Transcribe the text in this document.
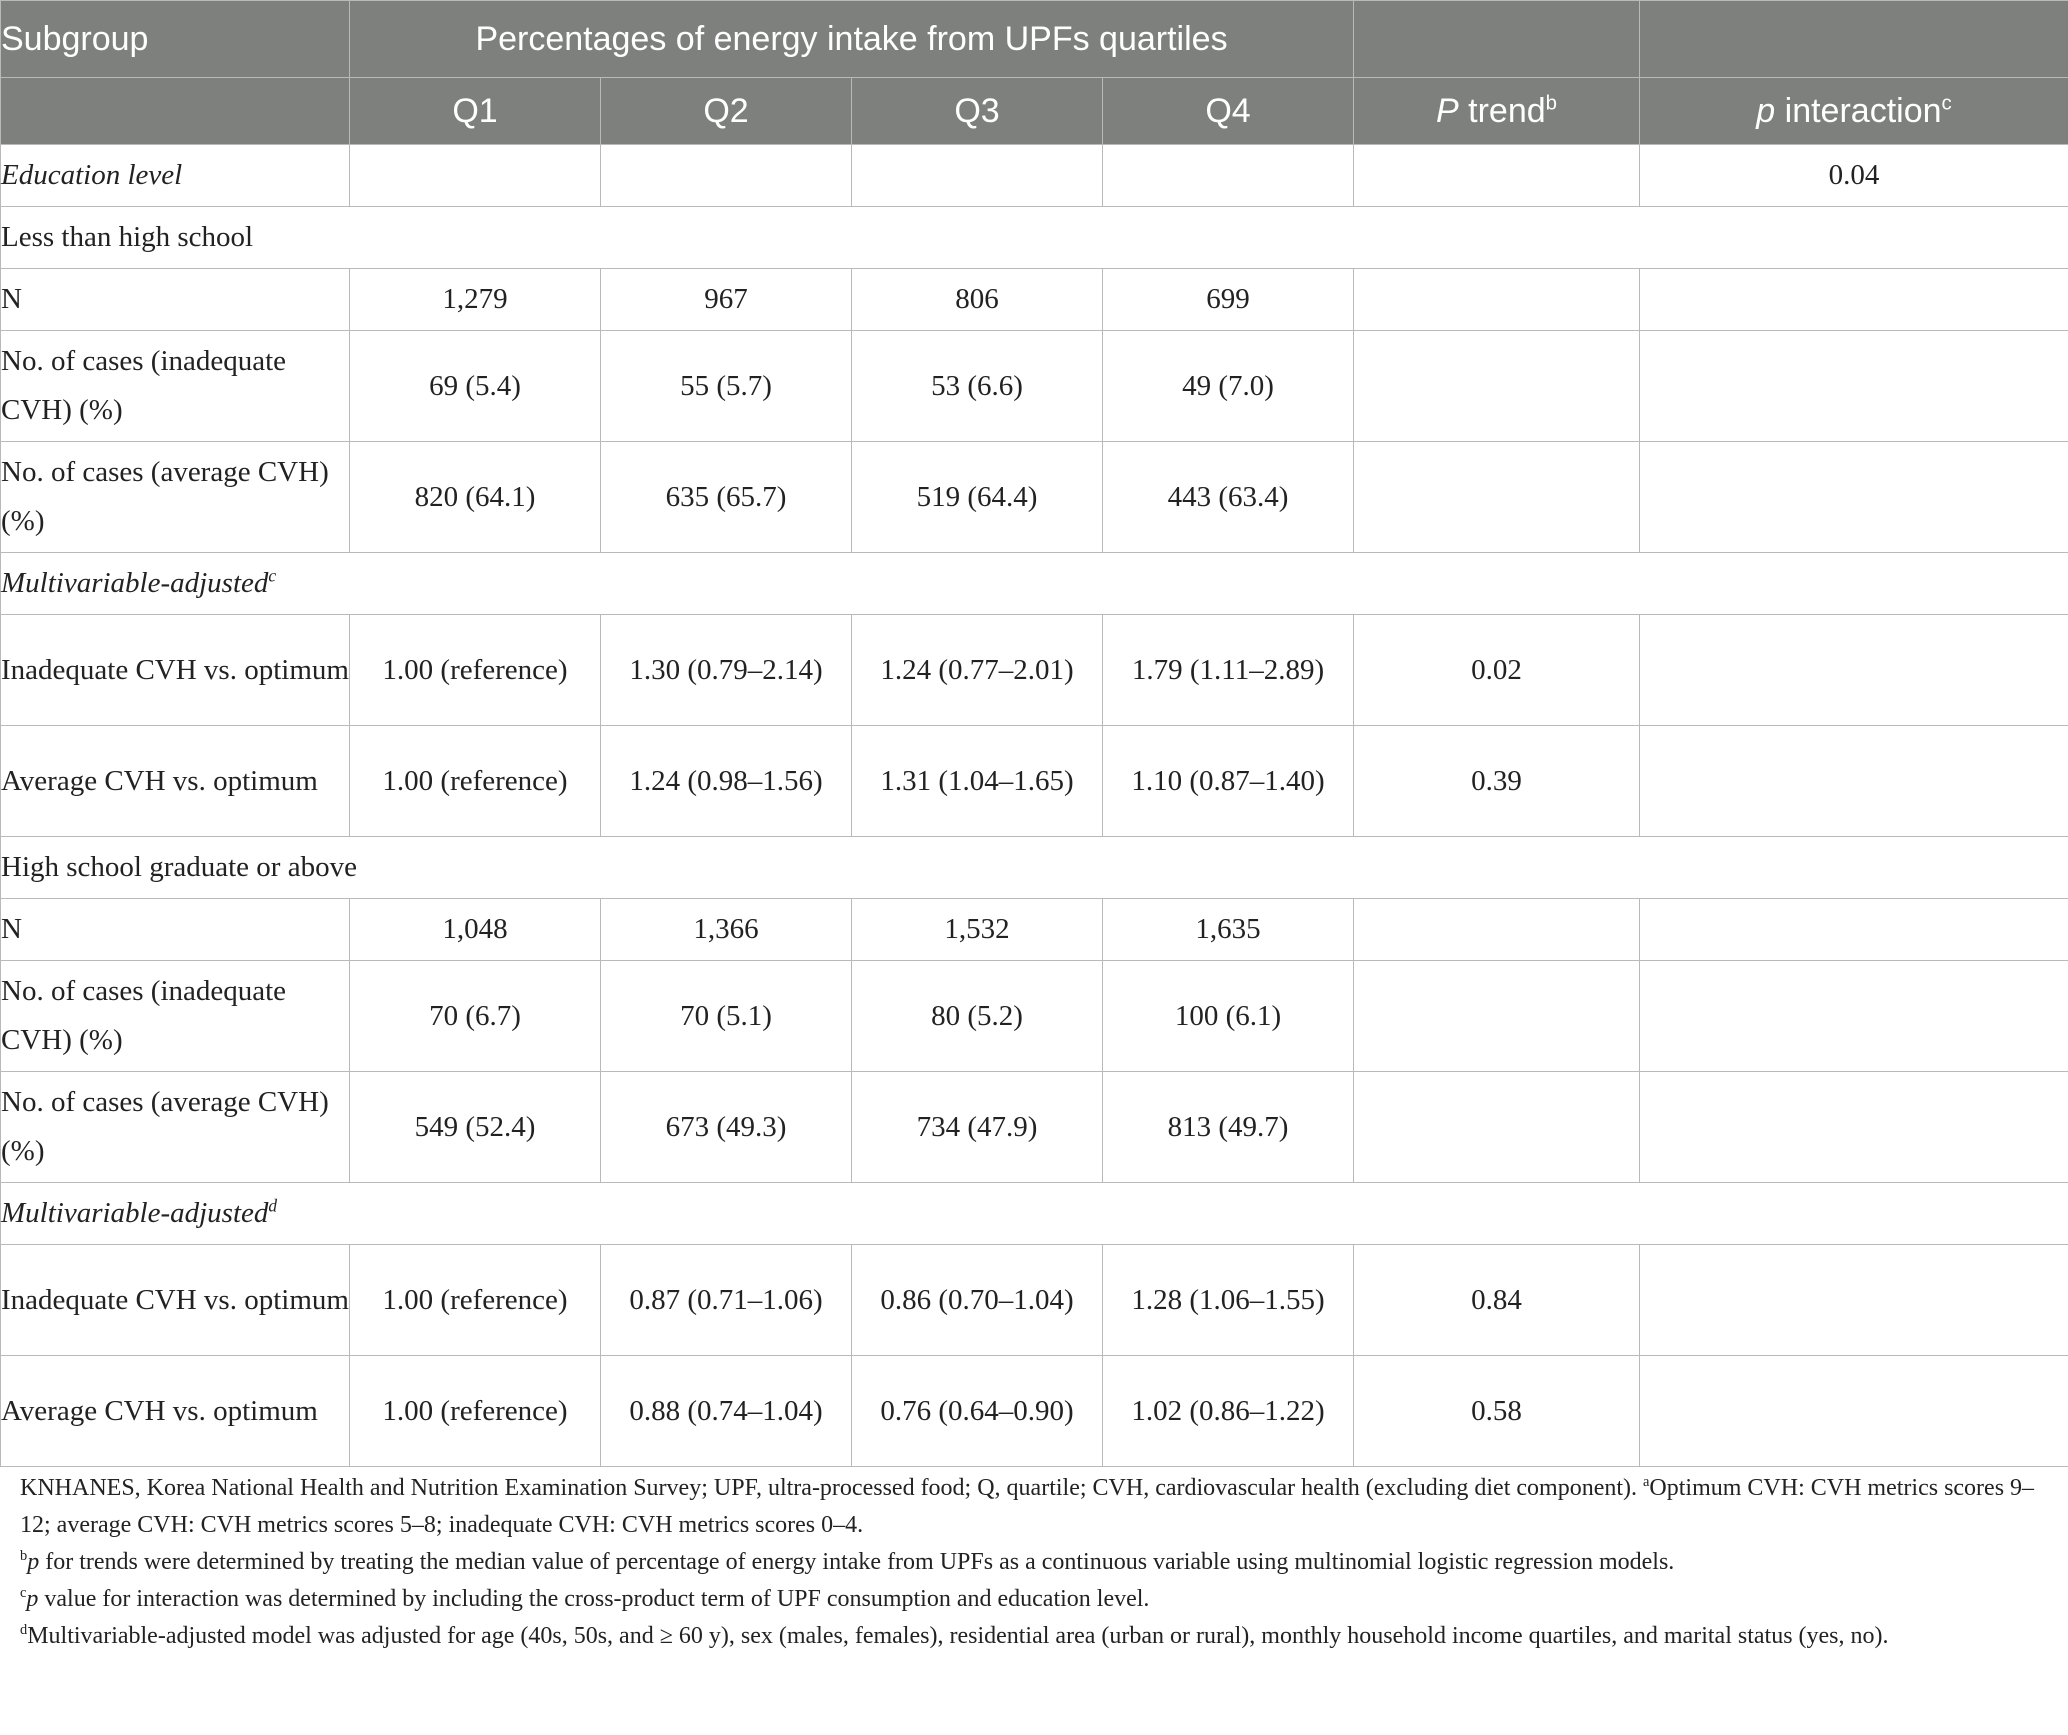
Subgroup	Percentages of energy intake from UPFs quartiles					
	Q1	Q2	Q3	Q4	P trend$^b$	p interaction$^c$
Education level						0.04
Less than high school						
N	1,279	967	806	699		
No. of cases (inadequate CVH) (%)	69 (5.4)	55 (5.7)	53 (6.6)	49 (7.0)		
No. of cases (average CVH) (%)	820 (64.1)	635 (65.7)	519 (64.4)	443 (63.4)		
Multivariable-adjusted$^c$
Inadequate CVH vs. optimum	1.00 (reference)	1.30 (0.79–2.14)	1.24 (0.77–2.01)	1.79 (1.11–2.89)	0.02	
Average CVH vs. optimum	1.00 (reference)	1.24 (0.98–1.56)	1.31 (1.04–1.65)	1.10 (0.87–1.40)	0.39	
High school graduate or above						
N	1,048	1,366	1,532	1,635		
No. of cases (inadequate CVH) (%)	70 (6.7)	70 (5.1)	80 (5.2)	100 (6.1)		
No. of cases (average CVH) (%)	549 (52.4)	673 (49.3)	734 (47.9)	813 (49.7)		
Multivariable-adjusted$^d$
Inadequate CVH vs. optimum	1.00 (reference)	0.87 (0.71–1.06)	0.86 (0.70–1.04)	1.28 (1.06–1.55)	0.84	
Average CVH vs. optimum	1.00 (reference)	0.88 (0.74–1.04)	0.76 (0.64–0.90)	1.02 (0.86–1.22)	0.58	

KNHANES, Korea National Health and Nutrition Examination Survey; UPF, ultra-processed food; Q, quartile; CVH, cardiovascular health (excluding diet component). $^a$Optimum CVH: CVH metrics scores 9–12; average CVH: CVH metrics scores 5–8; inadequate CVH: CVH metrics scores 0–4.

$^b$p for trends were determined by treating the median value of percentage of energy intake from UPFs as a continuous variable using multinomial logistic regression models.

$^c$p value for interaction was determined by including the cross-product term of UPF consumption and education level.

$^d$Multivariable-adjusted model was adjusted for age (40s, 50s, and ≥ 60 y), sex (males, females), residential area (urban or rural), monthly household income quartiles, and marital status (yes, no).
